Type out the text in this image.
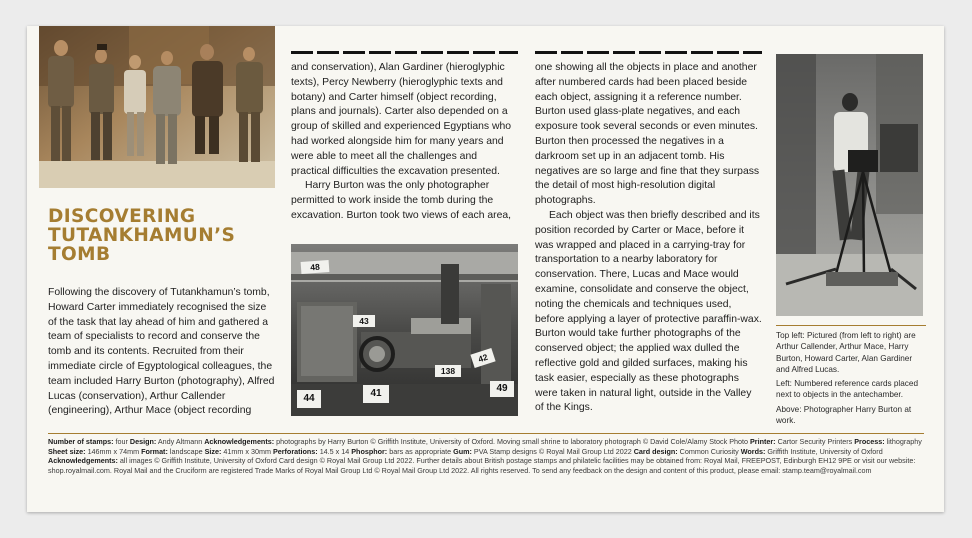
DISCOVERING
TUTANKHAMUN’S
TOMB

Following the discovery of Tutankhamun’s tomb, Howard Carter immediately recognised the size of the task that lay ahead of him and gathered a team of specialists to record and conserve the tomb and its contents. Recruited from their immediate circle of Egyptological colleagues, the team included Harry Burton (photography), Alfred Lucas (conservation), Arthur Callender (engineering), Arthur Mace (object recording

and conservation), Alan Gardiner (hieroglyphic texts), Percy Newberry (hieroglyphic texts and botany) and Carter himself (object recording, plans and journals). Carter also depended on a group of skilled and experienced Egyptians who had worked alongside him for many years and were able to meet all the challenges and practical difficulties the excavation presented.

Harry Burton was the only photographer permitted to work inside the tomb during the excavation. Burton took two views of each area,

48
43
42
138
44	41	49

one showing all the objects in place and another after numbered cards had been placed beside each object, assigning it a reference number. Burton used glass-plate negatives, and each exposure took several seconds or even minutes. Burton then processed the negatives in a darkroom set up in an adjacent tomb. His negatives are so large and fine that they surpass the detail of most high-resolution digital photographs.

Each object was then briefly described and its position recorded by Carter or Mace, before it was wrapped and placed in a carrying-tray for transportation to a nearby laboratory for conservation. There, Lucas and Mace would examine, consolidate and conserve the object, noting the chemicals and techniques used, before applying a layer of protective paraffin-wax. Burton would take further photographs of the conserved object; the applied wax dulled the reflective gold and gilded surfaces, making his task easier, especially as these photographs were taken in natural light, outside in the Valley of the Kings.

Top left: Pictured (from left to right) are Arthur Callender, Arthur Mace, Harry Burton, Howard Carter, Alan Gardiner and Alfred Lucas.

Left: Numbered reference cards placed next to objects in the antechamber.

Above: Photographer Harry Burton at work.

Number of stamps: four Design: Andy Altmann Acknowledgements: photographs by Harry Burton © Griffith Institute, University of Oxford. Moving small shrine to laboratory photograph © David Cole/Alamy Stock Photo Printer: Cartor Security Printers Process: lithography Sheet size: 146mm x 74mm Format: landscape Size: 41mm x 30mm Perforations: 14.5 x 14 Phosphor: bars as appropriate Gum: PVA Stamp designs © Royal Mail Group Ltd 2022 Card design: Common Curiosity Words: Griffith Institute, University of Oxford Acknowledgements: all images © Griffith Institute, University of Oxford Card design © Royal Mail Group Ltd 2022. Further details about British postage stamps and philatelic facilities may be obtained from: Royal Mail, FREEPOST, Edinburgh EH12 9PE or visit our website: shop.royalmail.com. Royal Mail and the Cruciform are registered Trade Marks of Royal Mail Group Ltd © Royal Mail Group Ltd 2022. All rights reserved. To send any feedback on the design and content of this product, please email: stamp.team@royalmail.com
